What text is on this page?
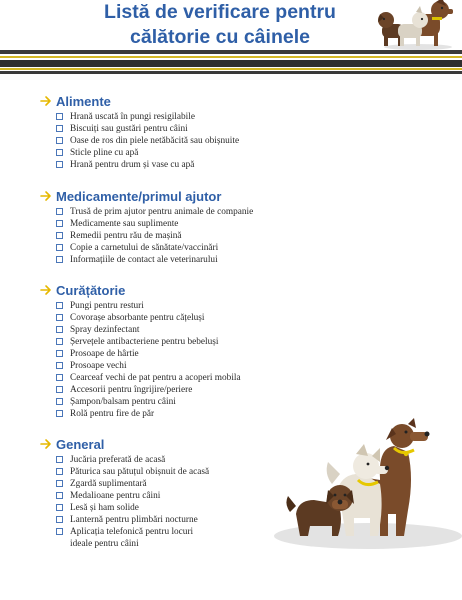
Listă de verificare pentru
călătorie cu câinele
Alimente
Hrană uscată în pungi resigilabile
Biscuiți sau gustări pentru câini
Oase de ros din piele netăbăcită sau obișnuite
Sticle pline cu apă
Hrană pentru drum și vase cu apă
Medicamente/primul ajutor
Trusă de prim ajutor pentru animale de companie
Medicamente sau suplimente
Remedii pentru rău de mașină
Copie a carnetului de sănătate/vaccinări
Informațiile de contact ale veterinarului
Curățătorie
Pungi pentru resturi
Covorașe absorbante pentru cățeluși
Spray dezinfectant
Șervețele antibacteriene pentru bebeluși
Prosoape de hârtie
Prosoape vechi
Cearceaf vechi de pat pentru a acoperi mobila
Accesorii pentru îngrijire/periere
Șampon/balsam pentru câini
Rolă pentru fire de păr
General
Jucăria preferată de acasă
Păturica sau pătuțul obișnuit de acasă
Zgardă suplimentară
Medalioane pentru câini
Lesă și ham solide
Lanternă pentru plimbări nocturne
Aplicația telefonică pentru locuri
ideale pentru câini
